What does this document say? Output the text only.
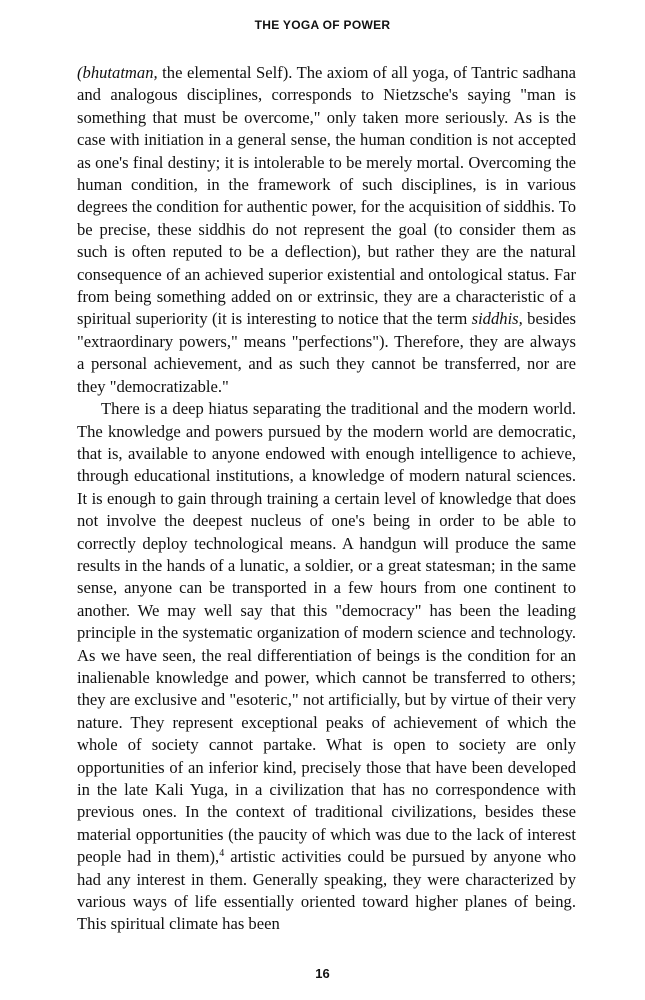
THE YOGA OF POWER

(bhutatman, the elemental Self). The axiom of all yoga, of Tantric sadhana and analogous disciplines, corresponds to Nietzsche's saying "man is something that must be overcome," only taken more seriously. As is the case with initiation in a general sense, the human condition is not accepted as one's final destiny; it is intolerable to be merely mortal. Overcoming the human condition, in the framework of such disciplines, is in various degrees the condition for authentic power, for the acquisition of siddhis. To be precise, these siddhis do not represent the goal (to consider them as such is often reputed to be a deflection), but rather they are the natural consequence of an achieved superior existential and ontological status. Far from being something added on or extrinsic, they are a characteristic of a spiritual superiority (it is interesting to notice that the term siddhis, besides "extraordinary powers," means "perfections"). Therefore, they are always a personal achievement, and as such they cannot be transferred, nor are they "democratizable."

There is a deep hiatus separating the traditional and the modern world. The knowledge and powers pursued by the modern world are democratic, that is, available to anyone endowed with enough intelligence to achieve, through educational institutions, a knowledge of modern natural sciences. It is enough to gain through training a certain level of knowledge that does not involve the deepest nucleus of one's being in order to be able to correctly deploy technological means. A handgun will produce the same results in the hands of a lunatic, a soldier, or a great statesman; in the same sense, anyone can be transported in a few hours from one continent to another. We may well say that this "democracy" has been the leading principle in the systematic organization of modern science and technology. As we have seen, the real differentiation of beings is the condition for an inalienable knowledge and power, which cannot be transferred to others; they are exclusive and "esoteric," not artificially, but by virtue of their very nature. They represent exceptional peaks of achievement of which the whole of society cannot partake. What is open to society are only opportunities of an inferior kind, precisely those that have been developed in the late Kali Yuga, in a civilization that has no correspondence with previous ones. In the context of traditional civilizations, besides these material opportunities (the paucity of which was due to the lack of interest people had in them),$^4$ artistic activities could be pursued by anyone who had any interest in them. Generally speaking, they were characterized by various ways of life essentially oriented toward higher planes of being. This spiritual climate has been

16
